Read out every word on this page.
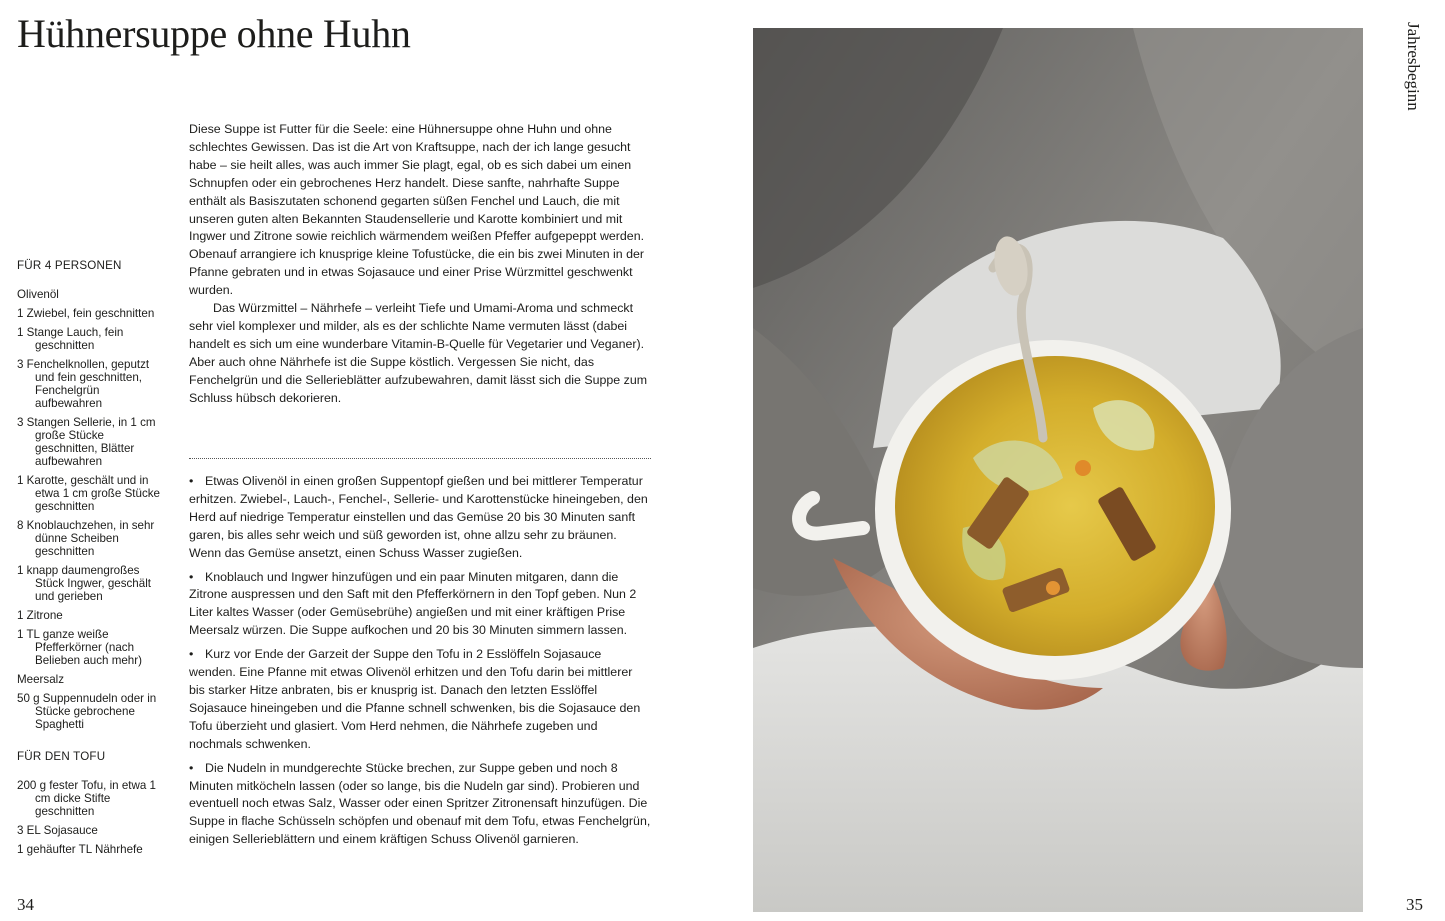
Hühnersuppe ohne Huhn
FÜR 4 PERSONEN
Olivenöl
1 Zwiebel, fein geschnitten
1 Stange Lauch, fein geschnitten
3 Fenchelknollen, geputzt und fein geschnitten, Fenchelgrün aufbewahren
3 Stangen Sellerie, in 1 cm große Stücke geschnitten, Blätter aufbewahren
1 Karotte, geschält und in etwa 1 cm große Stücke geschnitten
8 Knoblauchzehen, in sehr dünne Scheiben geschnitten
1 knapp daumengroßes Stück Ingwer, geschält und gerieben
1 Zitrone
1 TL ganze weiße Pfefferkörner (nach Belieben auch mehr)
Meersalz
50 g Suppennudeln oder in Stücke gebrochene Spaghetti
FÜR DEN TOFU
200 g fester Tofu, in etwa 1 cm dicke Stifte geschnitten
3 EL Sojasauce
1 gehäufter TL Nährhefe

Diese Suppe ist Futter für die Seele: eine Hühnersuppe ohne Huhn und ohne schlechtes Gewissen. Das ist die Art von Kraftsuppe, nach der ich lange gesucht habe – sie heilt alles, was auch immer Sie plagt, egal, ob es sich dabei um einen Schnupfen oder ein gebrochenes Herz handelt. Diese sanfte, nahrhafte Suppe enthält als Basiszutaten schonend gegarten süßen Fenchel und Lauch, die mit unseren guten alten Bekannten Staudensellerie und Karotte kombiniert und mit Ingwer und Zitrone sowie reichlich wärmendem weißen Pfeffer aufgepeppt werden. Obenauf arrangiere ich knusprige kleine Tofustücke, die ein bis zwei Minuten in der Pfanne gebraten und in etwas Sojasauce und einer Prise Würzmittel geschwenkt wurden.

Das Würzmittel – Nährhefe – verleiht Tiefe und Umami-Aroma und schmeckt sehr viel komplexer und milder, als es der schlichte Name vermuten lässt (dabei handelt es sich um eine wunderbare Vitamin-B-Quelle für Vegetarier und Veganer). Aber auch ohne Nährhefe ist die Suppe köstlich. Vergessen Sie nicht, das Fenchelgrün und die Sellerieblätter aufzubewahren, damit lässt sich die Suppe zum Schluss hübsch dekorieren.

• Etwas Olivenöl in einen großen Suppentopf gießen und bei mittlerer Temperatur erhitzen. Zwiebel-, Lauch-, Fenchel-, Sellerie- und Karottenstücke hineingeben, den Herd auf niedrige Temperatur einstellen und das Gemüse 20 bis 30 Minuten sanft garen, bis alles sehr weich und süß geworden ist, ohne allzu sehr zu bräunen. Wenn das Gemüse ansetzt, einen Schuss Wasser zugießen.
• Knoblauch und Ingwer hinzufügen und ein paar Minuten mitgaren, dann die Zitrone auspressen und den Saft mit den Pfefferkörnern in den Topf geben. Nun 2 Liter kaltes Wasser (oder Gemüsebrühe) angießen und mit einer kräftigen Prise Meersalz würzen. Die Suppe aufkochen und 20 bis 30 Minuten simmern lassen.
• Kurz vor Ende der Garzeit der Suppe den Tofu in 2 Esslöffeln Sojasauce wenden. Eine Pfanne mit etwas Olivenöl erhitzen und den Tofu darin bei mittlerer bis starker Hitze anbraten, bis er knusprig ist. Danach den letzten Esslöffel Sojasauce hineingeben und die Pfanne schnell schwenken, bis die Sojasauce den Tofu überzieht und glasiert. Vom Herd nehmen, die Nährhefe zugeben und nochmals schwenken.
• Die Nudeln in mundgerechte Stücke brechen, zur Suppe geben und noch 8 Minuten mitköcheln lassen (oder so lange, bis die Nudeln gar sind). Probieren und eventuell noch etwas Salz, Wasser oder einen Spritzer Zitronensaft hinzufügen. Die Suppe in flache Schüsseln schöpfen und obenauf mit dem Tofu, etwas Fenchelgrün, einigen Sellerieblättern und einem kräftigen Schuss Olivenöl garnieren.
34	35
Jahresbeginn
